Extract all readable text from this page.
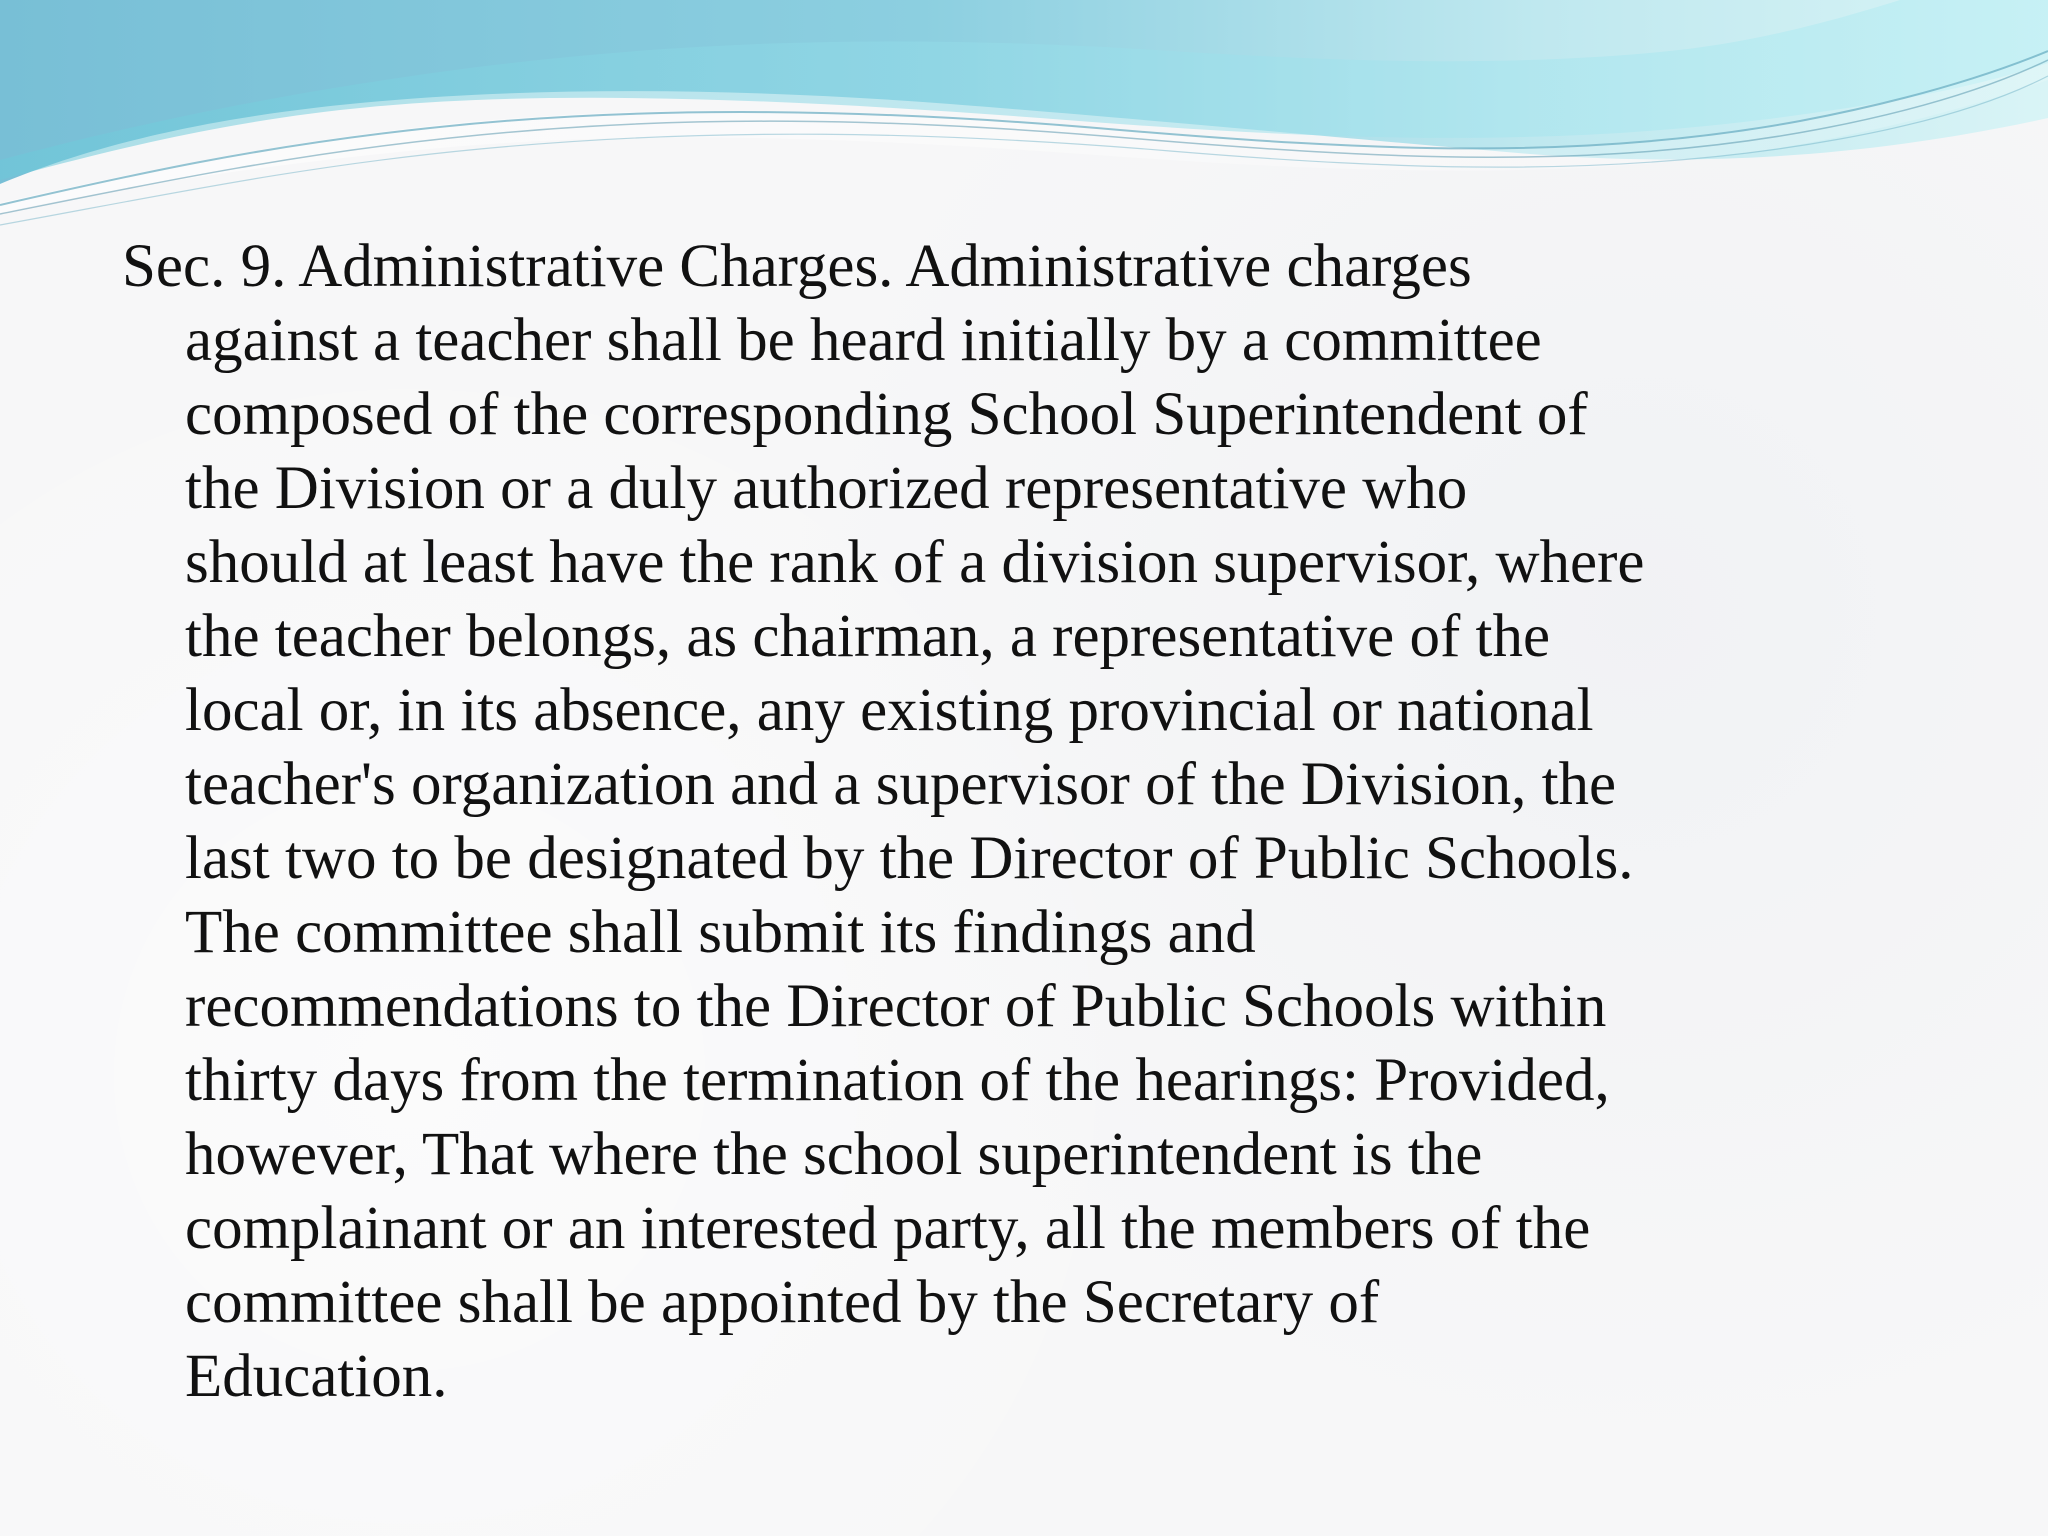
Sec. 9. Administrative Charges. Administrative charges
against a teacher shall be heard initially by a committee
composed of the corresponding School Superintendent of
the Division or a duly authorized representative who
should at least have the rank of a division supervisor, where
the teacher belongs, as chairman, a representative of the
local or, in its absence, any existing provincial or national
teacher's organization and a supervisor of the Division, the
last two to be designated by the Director of Public Schools.
The committee shall submit its findings and
recommendations to the Director of Public Schools within
thirty days from the termination of the hearings: Provided,
however, That where the school superintendent is the
complainant or an interested party, all the members of the
committee shall be appointed by the Secretary of
Education.
